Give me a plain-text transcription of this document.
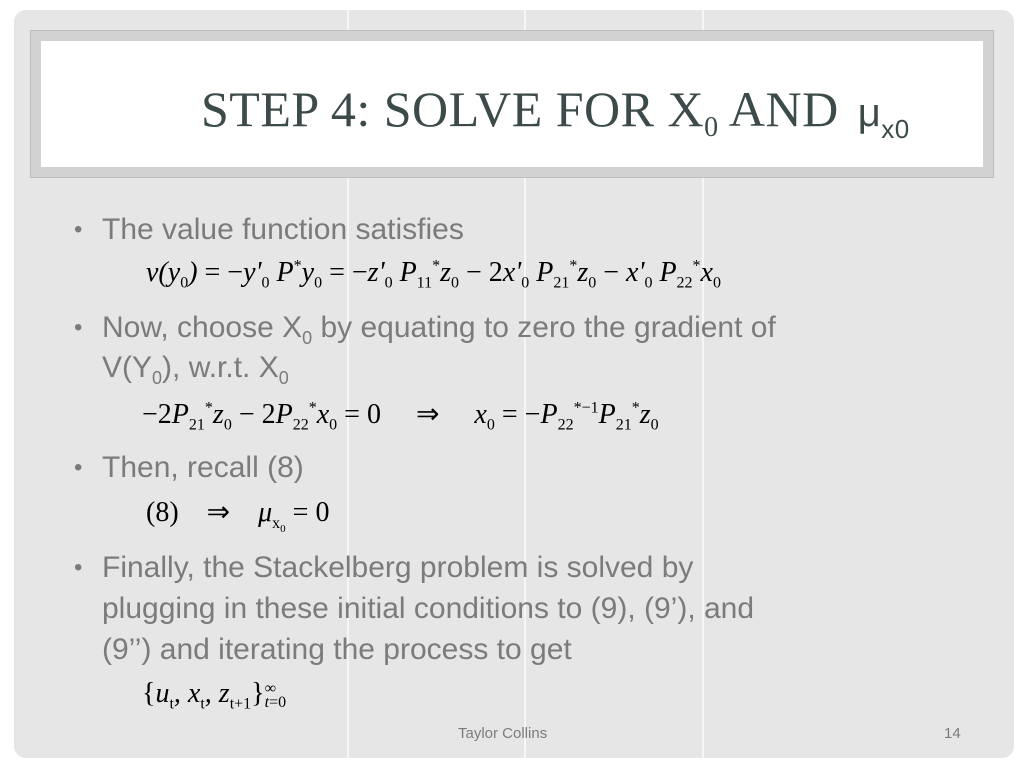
STEP 4: SOLVE FOR $X_0$ AND $\mu_{x0}$
• The value function satisfies
$v(y_0) = -y'_0$ $P^*y_0 = -z'_0$ $P_{11}^*z_0 - 2x'_0$ $P_{21}^*z_0 - x'_0$ $P_{22}^*x_0$
• Now, choose $X_0$ by equating to zero the gradient of
$V(Y_0)$, w.r.t. $X_0$
$-2P_{21}^*z_0 - 2P_{22}^*x_0 = 0$     ⇒     $x_0 = -P_{22}^{*-1}P_{21}^*z_0$
• Then, recall (8)
(8)    ⇒    $\mu_{x_0} = 0$
• Finally, the Stackelberg problem is solved by
plugging in these initial conditions to (9), (9’), and
(9’’) and iterating the process to get
{$u_t$, $x_t$, $z_{t+1}$} ∞
t=0
Taylor Collins	14
